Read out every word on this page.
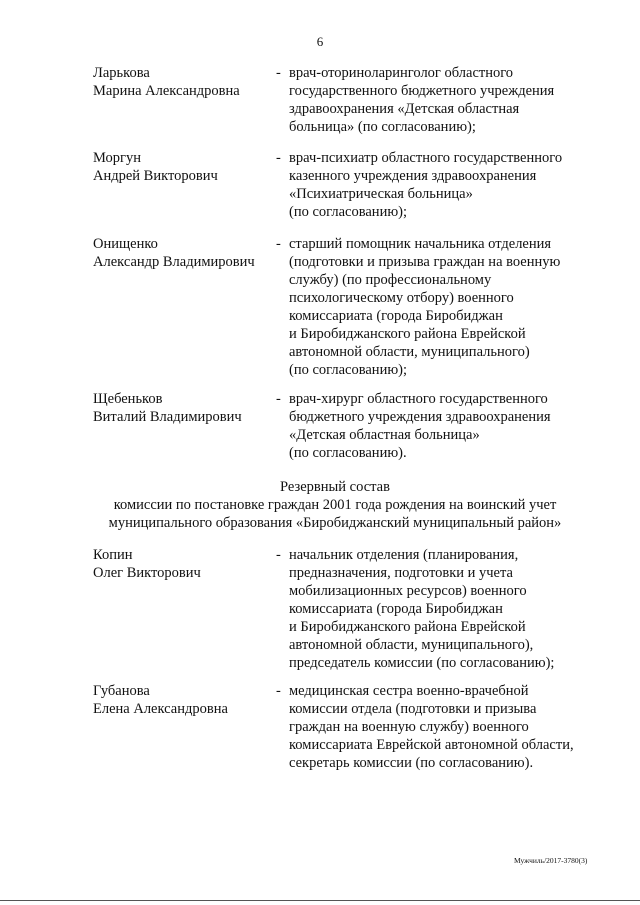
6
Ларькова
Марина Александровна
- врач-оториноларинголог областного
государственного бюджетного учреждения
здравоохранения «Детская областная
больница» (по согласованию);
Моргун
Андрей Викторович
- врач-психиатр областного государственного
казенного учреждения здравоохранения
«Психиатрическая больница»
(по согласованию);
Онищенко
Александр Владимирович
- старший помощник начальника отделения
(подготовки и призыва граждан на военную
службу) (по профессиональному
психологическому отбору) военного
комиссариата (города Биробиджан
и Биробиджанского района Еврейской
автономной области, муниципального)
(по согласованию);
Щебеньков
Виталий Владимирович
- врач-хирург областного государственного
бюджетного учреждения здравоохранения
«Детская областная больница»
(по согласованию).
Резервный состав
комиссии по постановке граждан 2001 года рождения на воинский учет
муниципального образования «Биробиджанский муниципальный район»
Копин
Олег Викторович
- начальник отделения (планирования,
предназначения, подготовки и учета
мобилизационных ресурсов) военного
комиссариата (города Биробиджан
и Биробиджанского района Еврейской
автономной области, муниципального),
председатель комиссии (по согласованию);
Губанова
Елена Александровна
- медицинская сестра военно-врачебной
комиссии отдела (подготовки и призыва
граждан на военную службу) военного
комиссариата Еврейской автономной области,
секретарь комиссии (по согласованию).
Мужчиль/2017-3780(3)
